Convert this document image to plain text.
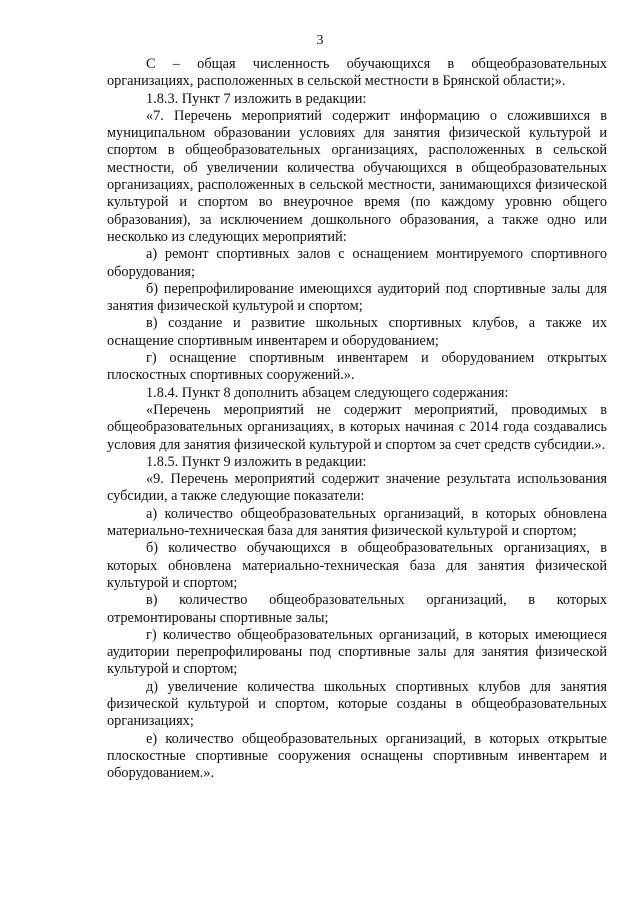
3

С – общая численность обучающихся в общеобразовательных организациях, расположенных в сельской местности в Брянской области;».

1.8.3. Пункт 7 изложить в редакции:

«7. Перечень мероприятий содержит информацию о сложившихся в муниципальном образовании условиях для занятия физической культурой и спортом в общеобразовательных организациях, расположенных в сельской местности, об увеличении количества обучающихся в общеобразовательных организациях, расположенных в сельской местности, занимающихся физической культурой и спортом во внеурочное время (по каждому уровню общего образования), за исключением дошкольного образования, а также одно или несколько из следующих мероприятий:

а) ремонт спортивных залов с оснащением монтируемого спортивного оборудования;

б) перепрофилирование имеющихся аудиторий под спортивные залы для занятия физической культурой и спортом;

в) создание и развитие школьных спортивных клубов, а также их оснащение спортивным инвентарем и оборудованием;

г) оснащение спортивным инвентарем и оборудованием открытых плоскостных спортивных сооружений.».

1.8.4. Пункт 8 дополнить абзацем следующего содержания:

«Перечень мероприятий не содержит мероприятий, проводимых в общеобразовательных организациях, в которых начиная с 2014 года создавались условия для занятия физической культурой и спортом за счет средств субсидии.».

1.8.5. Пункт 9 изложить в редакции:

«9. Перечень мероприятий содержит значение результата использования субсидии, а также следующие показатели:

а) количество общеобразовательных организаций, в которых обновлена материально-техническая база для занятия физической культурой и спортом;

б) количество обучающихся в общеобразовательных организациях, в которых обновлена материально-техническая база для занятия физической культурой и спортом;

в) количество общеобразовательных организаций, в которых отремонтированы спортивные залы;

г) количество общеобразовательных организаций, в которых имеющиеся аудитории перепрофилированы под спортивные залы для занятия физической культурой и спортом;

д) увеличение количества школьных спортивных клубов для занятия физической культурой и спортом, которые созданы в общеобразовательных организациях;

е) количество общеобразовательных организаций, в которых открытые плоскостные спортивные сооружения оснащены спортивным инвентарем и оборудованием.».
